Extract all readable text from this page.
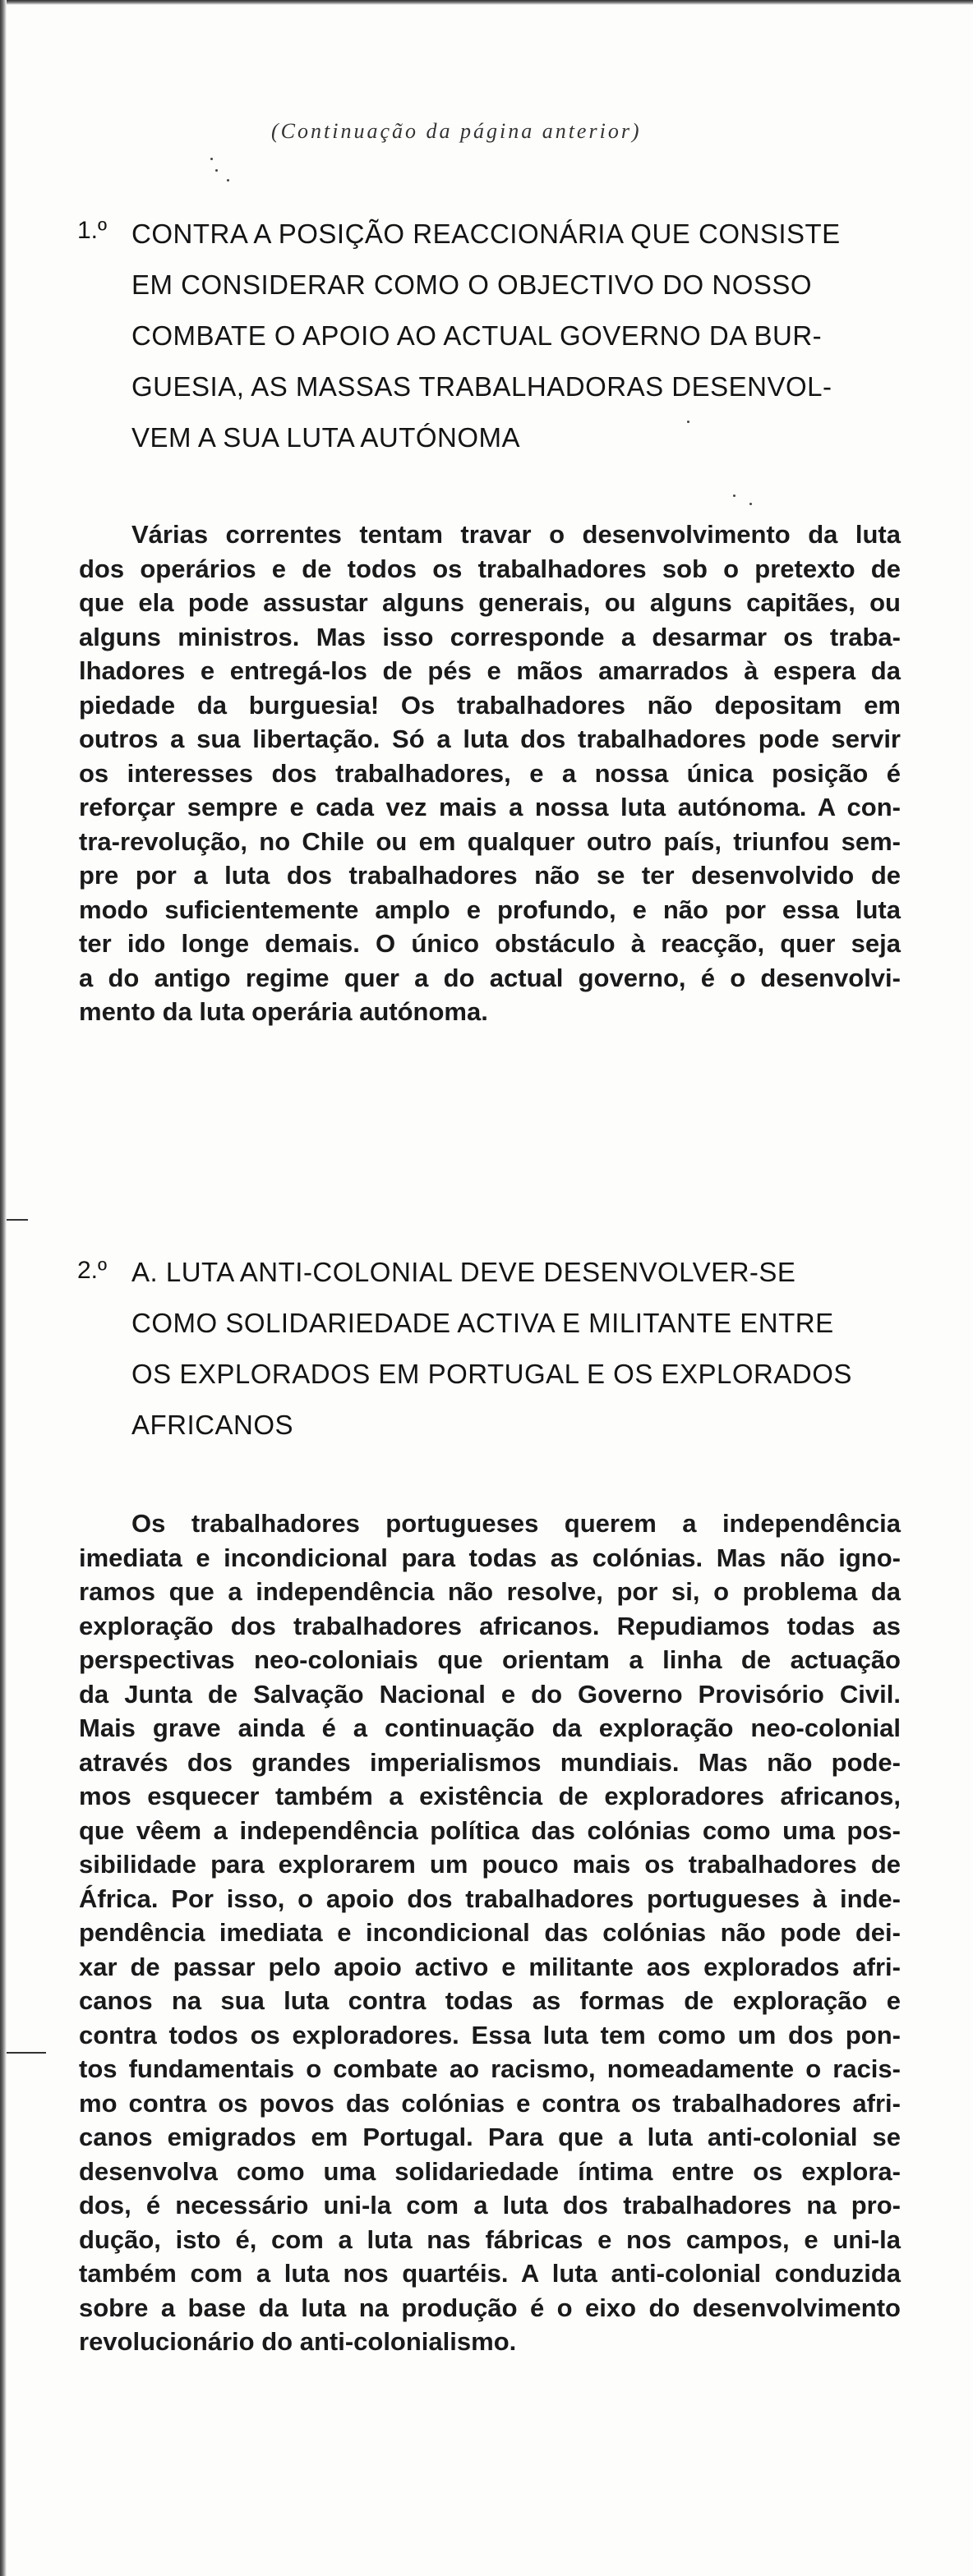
(Continuação da página anterior)
1.º CONTRA A POSIÇÃO REACCIONÁRIA QUE CONSISTE
EM CONSIDERAR COMO O OBJECTIVO DO NOSSO
COMBATE O APOIO AO ACTUAL GOVERNO DA BUR-
GUESIA, AS MASSAS TRABALHADORAS DESENVOL-
VEM A SUA LUTA AUTÓNOMA
Várias correntes tentam travar o desenvolvimento da luta
dos operários e de todos os trabalhadores sob o pretexto de
que ela pode assustar alguns generais, ou alguns capitães, ou
alguns ministros. Mas isso corresponde a desarmar os traba-
lhadores e entregá-los de pés e mãos amarrados à espera da
piedade da burguesia! Os trabalhadores não depositam em
outros a sua libertação. Só a luta dos trabalhadores pode servir
os interesses dos trabalhadores, e a nossa única posição é
reforçar sempre e cada vez mais a nossa luta autónoma. A con-
tra-revolução, no Chile ou em qualquer outro país, triunfou sem-
pre por a luta dos trabalhadores não se ter desenvolvido de
modo suficientemente amplo e profundo, e não por essa luta
ter ido longe demais. O único obstáculo à reacção, quer seja
a do antigo regime quer a do actual governo, é o desenvolvi-
mento da luta operária autónoma.
2.º A. LUTA ANTI-COLONIAL DEVE DESENVOLVER-SE
COMO SOLIDARIEDADE ACTIVA E MILITANTE ENTRE
OS EXPLORADOS EM PORTUGAL E OS EXPLORADOS
AFRICANOS
Os trabalhadores portugueses querem a independência
imediata e incondicional para todas as colónias. Mas não igno-
ramos que a independência não resolve, por si, o problema da
exploração dos trabalhadores africanos. Repudiamos todas as
perspectivas neo-coloniais que orientam a linha de actuação
da Junta de Salvação Nacional e do Governo Provisório Civil.
Mais grave ainda é a continuação da exploração neo-colonial
através dos grandes imperialismos mundiais. Mas não pode-
mos esquecer também a existência de exploradores africanos,
que vêem a independência política das colónias como uma pos-
sibilidade para explorarem um pouco mais os trabalhadores de
África. Por isso, o apoio dos trabalhadores portugueses à inde-
pendência imediata e incondicional das colónias não pode dei-
xar de passar pelo apoio activo e militante aos explorados afri-
canos na sua luta contra todas as formas de exploração e
contra todos os exploradores. Essa luta tem como um dos pon-
tos fundamentais o combate ao racismo, nomeadamente o racis-
mo contra os povos das colónias e contra os trabalhadores afri-
canos emigrados em Portugal. Para que a luta anti-colonial se
desenvolva como uma solidariedade íntima entre os explora-
dos, é necessário uni-la com a luta dos trabalhadores na pro-
dução, isto é, com a luta nas fábricas e nos campos, e uni-la
também com a luta nos quartéis. A luta anti-colonial conduzida
sobre a base da luta na produção é o eixo do desenvolvimento
revolucionário do anti-colonialismo.
